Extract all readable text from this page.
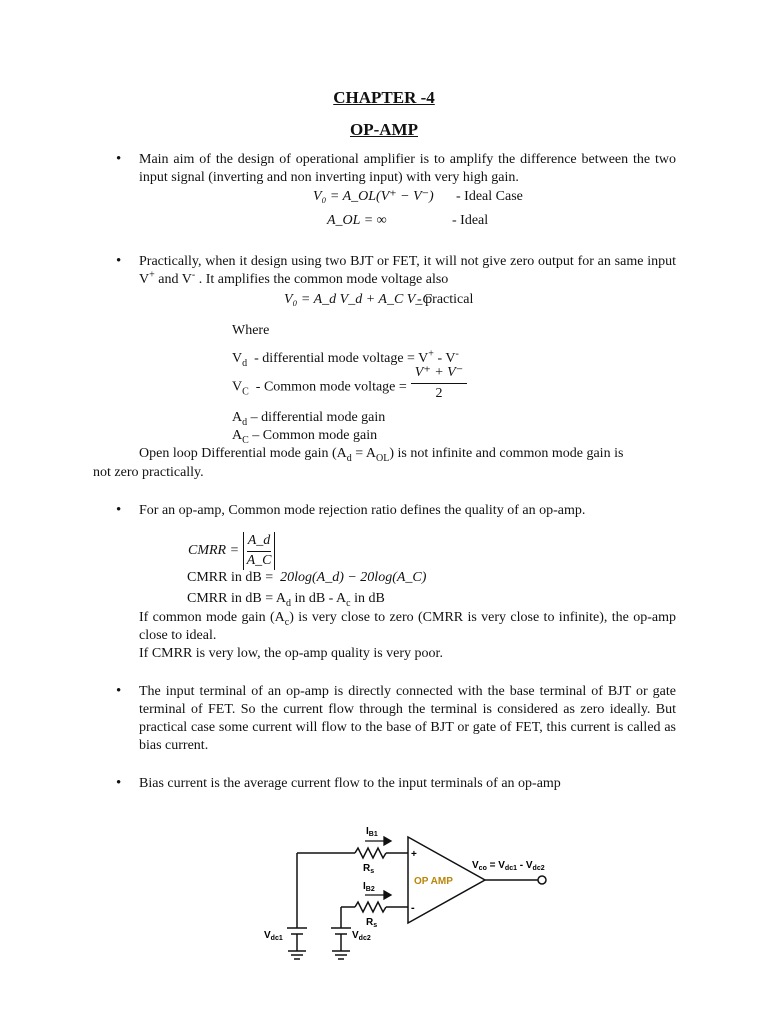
CHAPTER -4
OP-AMP
• Main aim of the design of operational amplifier is to amplify the difference between the two input signal (inverting and non inverting input) with very high gain.
V₀ = A_OL(V⁺ − V⁻) - Ideal Case
A_OL = ∞	- Ideal
• Practically, when it design using two BJT or FET, it will not give zero output for an same input V+ and V- . It amplifies the common mode voltage also
V₀ = A_d V_d + A_C V_C
- practical
Where
$V_d$ - differential mode voltage = V+ - V-
$V_C$ - Common mode voltage = $\frac{V^+ + V^-}{2}$
$A_d$ – differential mode gain
$A_C$ – Common mode gain
Open loop Differential mode gain $(A_d = A_{OL})$ is not infinite and common mode gain is
not zero practically.
• For an op-amp, Common mode rejection ratio defines the quality of an op-amp.
CMRR = $\frac{A\_d}{A\_C}$
CMRR in dB = 20log(A_d) − 20log(A_C)
CMRR in dB = $A_d$ in dB - $A_c$ in dB
If common mode gain $(A_c)$ is very close to zero (CMRR is very close to infinite), the op-amp close to ideal.
If CMRR is very low, the op-amp quality is very poor.
• The input terminal of an op-amp is directly connected with the base terminal of BJT or gate terminal of FET. So the current flow through the terminal is considered as zero ideally. But practical case some current will flow to the base of BJT or gate of FET, this current is called as bias current.
• Bias current is the average current flow to the input terminals of an op-amp
$I_{B1}$
$R_s$
$I_{B2}$
$R_s$
+
-
OP AMP
$V_{co} = V_{dc1} - V_{dc2}$
$V_{dc1}$	$V_{dc2}$
